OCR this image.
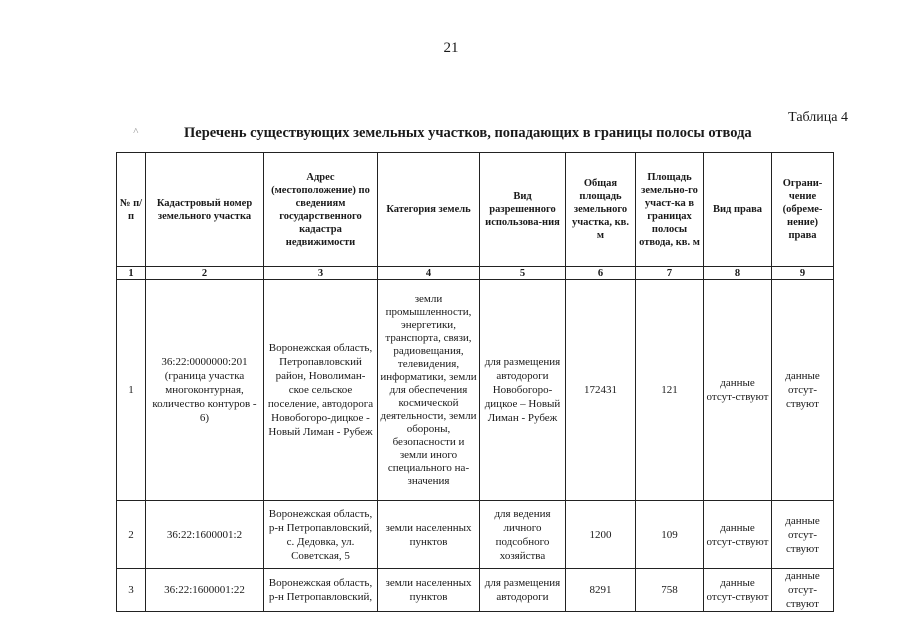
21
Таблица 4
Перечень существующих земельных участков, попадающих в границы полосы отвода
˄
№ п/п	Кадастровый номер земельного участка	Адрес (местоположение) по сведениям государственного кадастра недвижимости	Категория земель	Вид разрешенного использова-ния	Общая площадь земельного участка, кв. м	Площадь земельно-го участ-ка в границах полосы отвода, кв. м	Вид права	Ограни-чение (обреме-нение) права
1	2	3	4	5	6	7	8	9
1	36:22:0000000:201 (граница участка многоконтурная, количество контуров - 6)	Воронежская область, Петропавловский район, Новолиман-ское сельское поселение, автодорога Новобогоро-дицкое - Новый Лиман - Рубеж	земли промышленности, энергетики, транспорта, связи, радиовещания, телевидения, информатики, земли для обеспечения космической деятельности, земли обороны, безопасности и земли иного специального на-значения	для размещения автодороги Новобогоро-дицкое – Новый Лиман - Рубеж	172431	121	данные отсут-ствуют	данные отсут-ствуют
2	36:22:1600001:2	Воронежская область, р-н Петропавловский, с. Дедовка, ул. Советская, 5	земли населенных пунктов	для ведения личного подсобного хозяйства	1200	109	данные отсут-ствуют	данные отсут-ствуют
3	36:22:1600001:22	Воронежская область, р-н Петропавловский,	земли населенных пунктов	для размещения автодороги	8291	758	данные отсут-ствуют	данные отсут-ствуют
